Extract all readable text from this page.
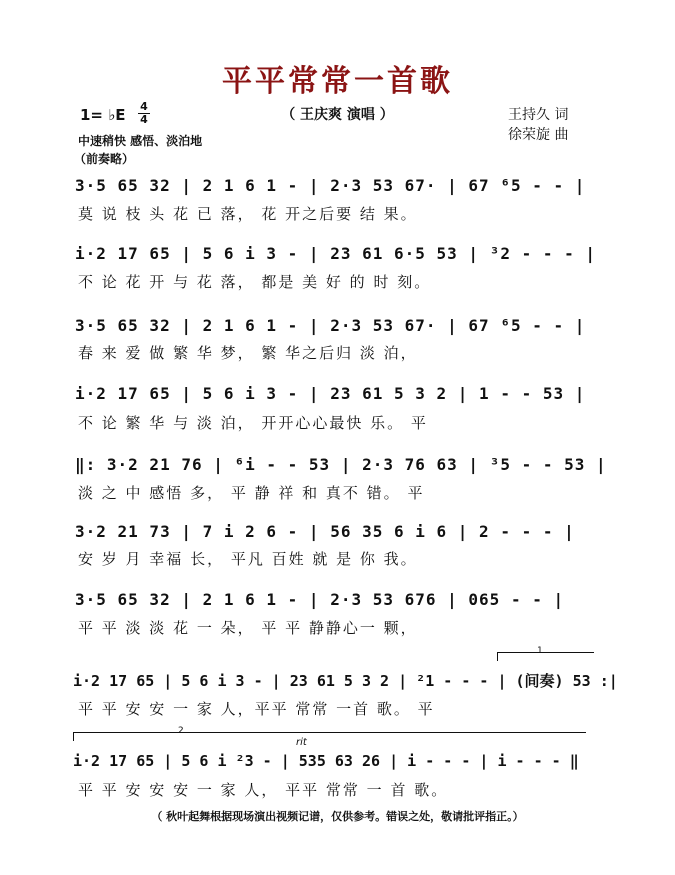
平平常常一首歌
（ 王庆爽 演唱 ）	王持久 词
徐荣旋 曲
1= ♭E 4
4
中速稍快 感悟、淡泊地
（前奏略）
3·5 65 32 | 2 1 6 1 - | 2·3 53 67· | 67 ⁶5 - - |
莫 说 枝 头 花 已 落， 花 开之后要 结 果。
i·2 17 65 | 5 6 i 3 - | 23 61 6·5 53 | ³2 - - - |
不 论 花 开 与 花 落， 都是 美 好 的 时 刻。
3·5 65 32 | 2 1 6 1 - | 2·3 53 67· | 67 ⁶5 - - |
春 来 爱 做 繁 华 梦， 繁 华之后归 淡 泊，
i·2 17 65 | 5 6 i 3 - | 23 61 5 3 2 | 1 - - 53 |
不 论 繁 华 与 淡 泊， 开开心心最快 乐。 平
‖: 3·2 21 76 | ⁶i - - 53 | 2·3 76 63 | ³5 - - 53 |
淡 之 中 感悟 多， 平 静 祥 和 真不 错。 平
3·2 21 73 | 7 i 2 6 - | 56 35 6 i 6 | 2 - - - |
安 岁 月 幸福 长， 平凡 百姓 就 是 你 我。
3·5 65 32 | 2 1 6 1 - | 2·3 53 676 | 065 - - |
平 平 淡 淡 花 一 朵， 平 平 静静心一 颗，
1
i·2 17 65 | 5 6 i 3 - | 23 61 5 3 2 | ²1 - - - | (间奏) 53 :|
平 平 安 安 一 家 人，平平 常常 一首 歌。 平
2
rit
i·2 17 65 | 5 6 i ²3 - | 535 63 26 | i - - - | i - - - ‖
平 平 安 安 安 一 家 人， 平平 常常 一 首 歌。
（ 秋叶起舞根据现场演出视频记谱，仅供参考。错误之处，敬请批评指正。）
